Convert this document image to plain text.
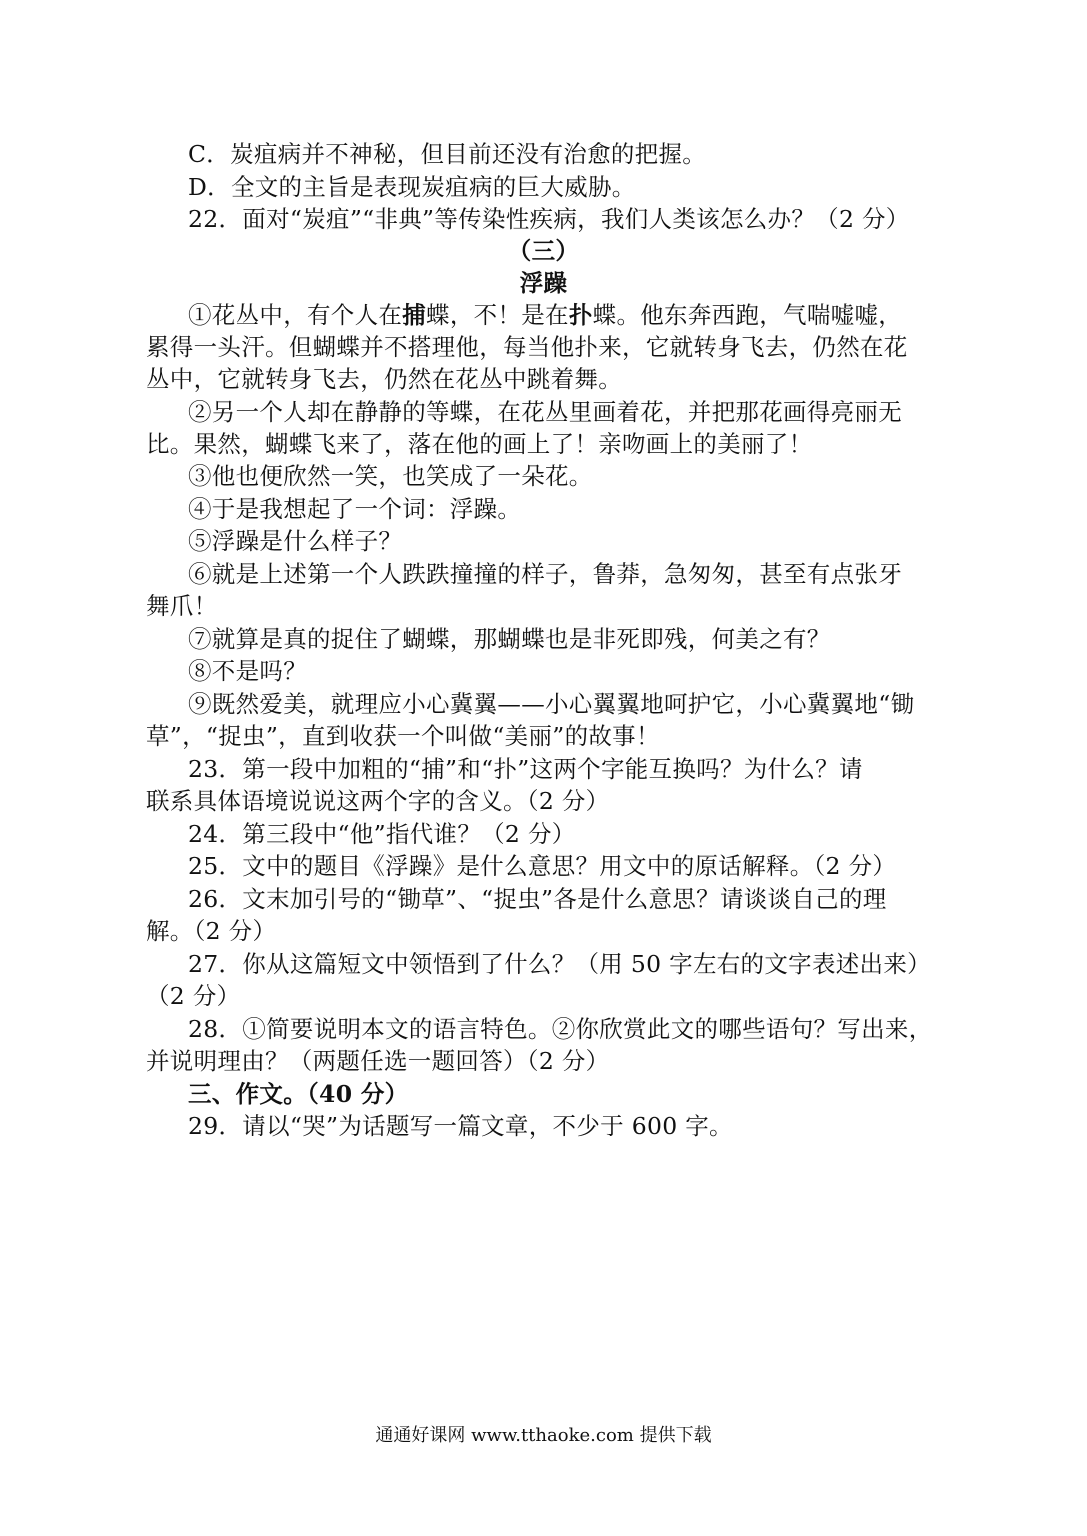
C．炭疽病并不神秘，但目前还没有治愈的把握。
D．全文的主旨是表现炭疽病的巨大威胁。
22．面对“炭疽”“非典”等传染性疾病，我们人类该怎么办？（2 分）
（三）
浮躁
①花丛中，有个人在捕蝶，不！是在扑蝶。他东奔西跑，气喘嘘嘘，
累得一头汗。但蝴蝶并不搭理他，每当他扑来，它就转身飞去，仍然在花
丛中，它就转身飞去，仍然在花丛中跳着舞。
②另一个人却在静静的等蝶，在花丛里画着花，并把那花画得亮丽无
比。果然，蝴蝶飞来了，落在他的画上了！亲吻画上的美丽了！
③他也便欣然一笑，也笑成了一朵花。
④于是我想起了一个词：浮躁。
⑤浮躁是什么样子？
⑥就是上述第一个人跌跌撞撞的样子，鲁莽，急匆匆，甚至有点张牙
舞爪！
⑦就算是真的捉住了蝴蝶，那蝴蝶也是非死即残，何美之有？
⑧不是吗？
⑨既然爱美，就理应小心冀翼——小心翼翼地呵护它，小心冀翼地“锄
草”，“捉虫”，直到收获一个叫做“美丽”的故事！
23．第一段中加粗的“捕”和“扑”这两个字能互换吗？为什么？请
联系具体语境说说这两个字的含义。（2 分）
24．第三段中“他”指代谁？（2 分）
25．文中的题目《浮躁》是什么意思？用文中的原话解释。（2 分）
26．文末加引号的“锄草”、“捉虫”各是什么意思？请谈谈自己的理
解。（2 分）
27．你从这篇短文中领悟到了什么？（用 50 字左右的文字表述出来）
（2 分）
28．①简要说明本文的语言特色。②你欣赏此文的哪些语句？写出来，
并说明理由？（两题任选一题回答）（2 分）
三、作文。（40 分）
29．请以“哭”为话题写一篇文章，不少于 600 字。
通通好课网 www.tthaoke.com 提供下载
